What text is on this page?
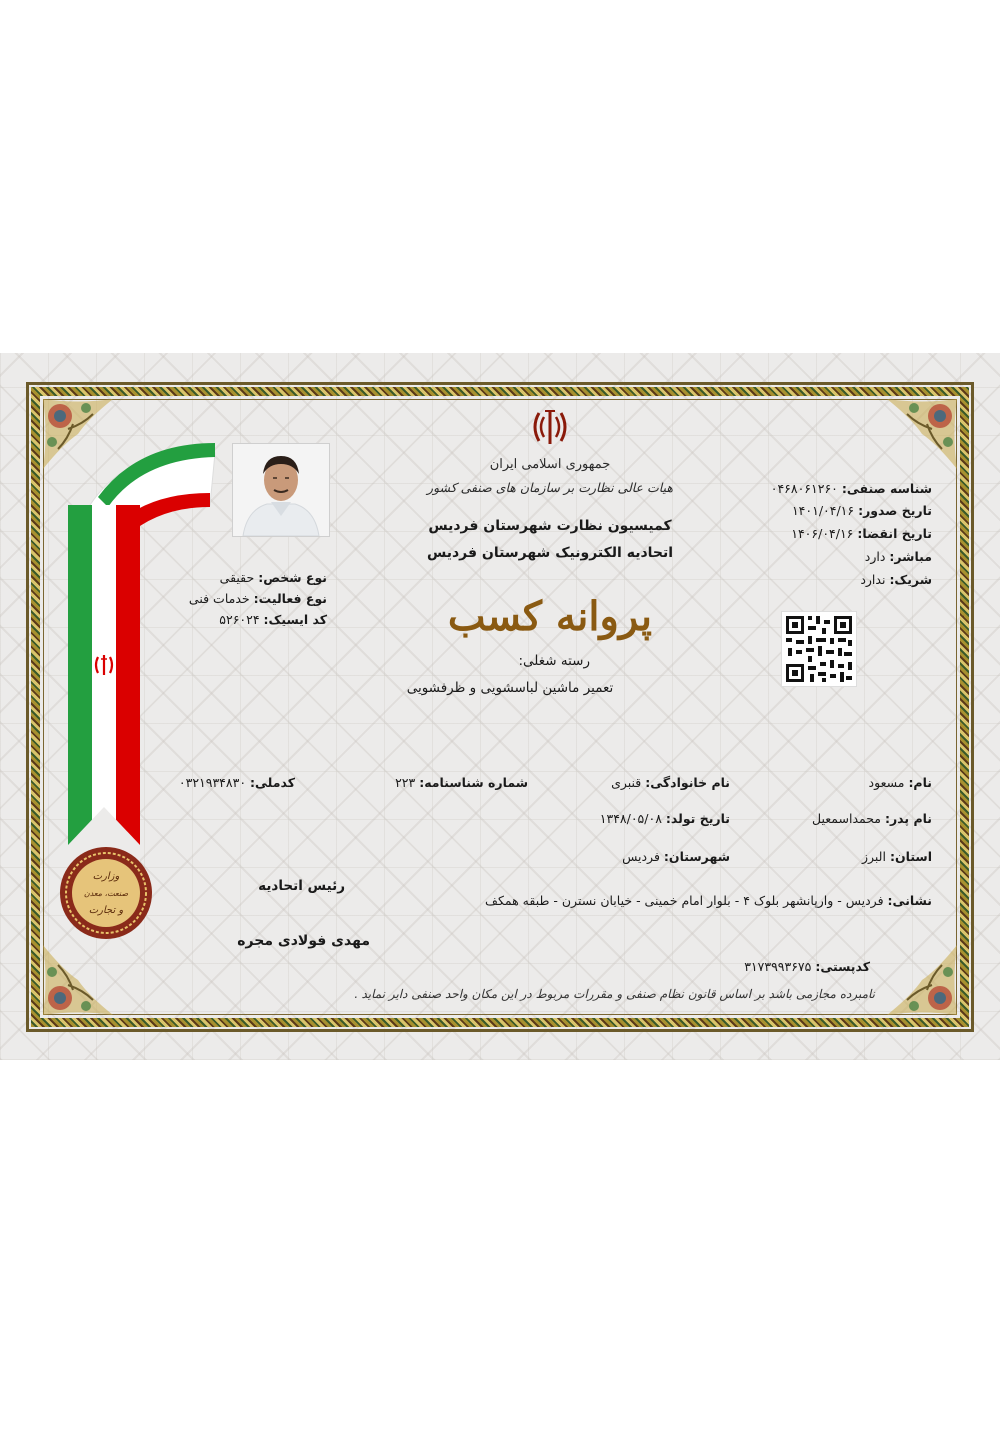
وزارت
صنعت، معدن
و تجارت
جمهوری اسلامی ایران
هیات عالی نظارت بر سازمان های صنفی کشور
کمیسیون نظارت شهرستان فردیس
اتحادیه الکترونیک شهرستان فردیس
پروانه کسب
رسته شغلی:
تعمیر ماشین لباسشویی و ظرفشویی
شناسه صنفی: ۰۴۶۸۰۶۱۲۶۰
تاریخ صدور: ۱۴۰۱/۰۴/۱۶
تاریخ انقضا: ۱۴۰۶/۰۴/۱۶
مباشر: دارد
شریک: ندارد
نوع شخص: حقیقی
نوع فعالیت: خدمات فنی
کد ایسیک: ۵۲۶۰۲۴
نام: مسعود
نام خانوادگی: قنبری
شماره شناسنامه: ۲۲۳
کدملی: ۰۳۲۱۹۳۴۸۳۰
نام پدر: محمداسمعیل
تاریخ تولد: ۱۳۴۸/۰۵/۰۸
استان: البرز
شهرستان: فردیس
نشانی: فردیس - وارپانشهر بلوک ۴ - بلوار امام خمینی - خیابان نسترن - طبقه همکف
کدپستی: ۳۱۷۳۹۹۳۶۷۵
رئیس اتحادیه
مهدی فولادی مجره
نامبرده مجازمی باشد بر اساس قانون نظام صنفی و مقررات مربوط در این مکان واحد صنفی دایر نماید .
